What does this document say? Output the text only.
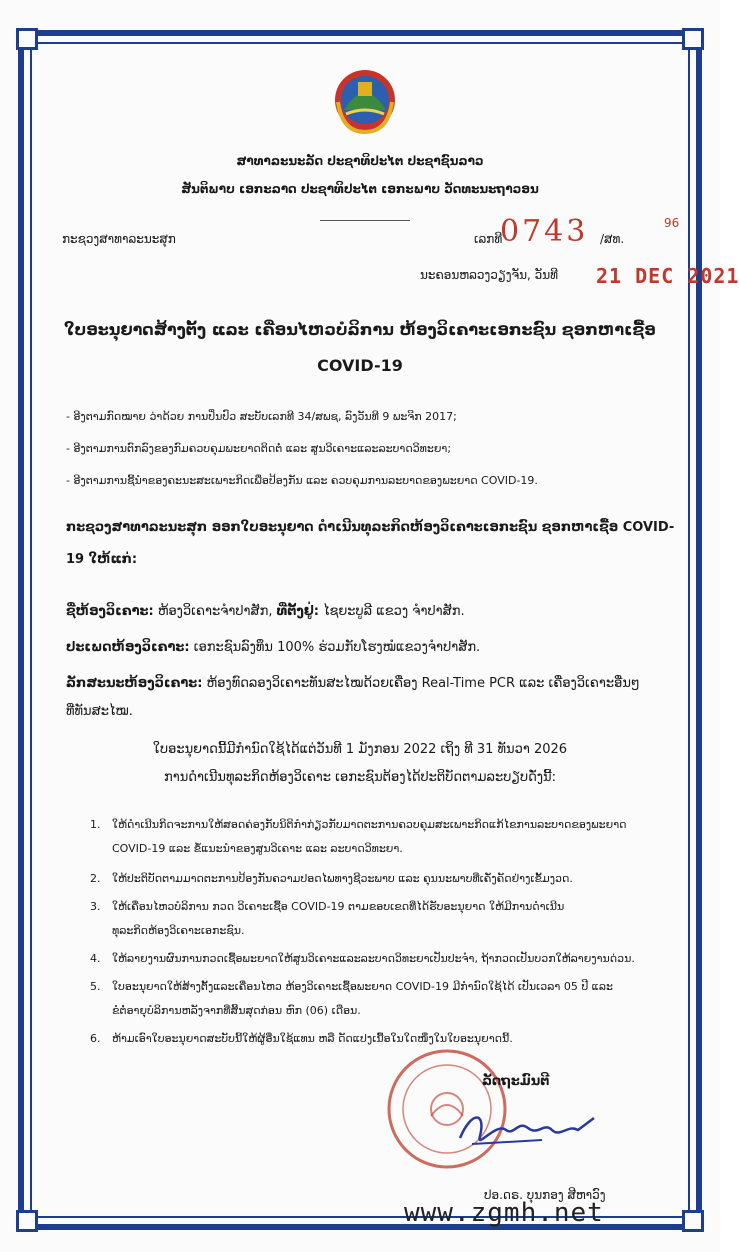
ສາທາລະນະລັດ ປະຊາທິປະໄຕ ປະຊາຊົນລາວ
ສັນຕິພາບ ເອກະລາດ ປະຊາທິປະໄຕ ເອກະພາບ ວັດທະນະຖາວອນ
ກະຊວງສາທາລະນະສຸກ	ເລກທີ
0743 /ສທ.
96
ນະຄອນຫລວງວຽງຈັນ, ວັນທີ 21 DEC 2021
ໃບອະນຸຍາດສ້າງຕັ້ງ ແລະ ເຄື່ອນໄຫວບໍລິການ ຫ້ອງວິເຄາະເອກະຊົນ ຊອກຫາເຊື້ອ
COVID-19
- ອີງຕາມກົດໝາຍ ວ່າດ້ວຍ ການປິ່ນປົວ ສະບັບເລກທີ 34/ສພຊ, ລົງວັນທີ 9 ພະຈິກ 2017;
- ອີງຕາມການຕົກລົງຂອງກົມຄວບຄຸມພະຍາດຕິດຕໍ່ ແລະ ສູນວິເຄາະແລະລະບາດວິທະຍາ;
- ອີງຕາມການຊີ້ນໍາຂອງຄະນະສະເພາະກິດເພື່ອປ້ອງກັນ ແລະ ຄວບຄຸມການລະບາດຂອງພະຍາດ COVID-19.
ກະຊວງສາທາລະນະສຸກ ອອກໃບອະນຸຍາດ ດໍາເນີນທຸລະກິດຫ້ອງວິເຄາະເອກະຊົນ ຊອກຫາເຊື້ອ COVID-
19 ໃຫ້ແກ່:
ຊື່ຫ້ອງວິເຄາະ: ຫ້ອງວິເຄາະຈໍາປາສັກ, ທີ່ຕັ້ງຢູ່: ໄຊຍະບູລີ ແຂວງ ຈໍາປາສັກ.
ປະເພດຫ້ອງວິເຄາະ: ເອກະຊົນລົງທຶນ 100% ຮ່ວມກັບໂຮງໝໍແຂວງຈໍາປາສັກ.
ລັກສະນະຫ້ອງວິເຄາະ: ຫ້ອງທົດລອງວິເຄາະທັນສະໄໝດ້ວຍເຄື່ອງ Real-Time PCR ແລະ ເຄື່ອງວິເຄາະອື່ນໆ
ທີ່ທັນສະໄໝ.
ໃບອະນຸຍາດນີ້ມີກໍານົດໃຊ້ໄດ້ແຕ່ວັນທີ 1 ມັງກອນ 2022 ເຖິງ ທີ 31 ທັນວາ 2026
ການດໍາເນີນທຸລະກິດຫ້ອງວິເຄາະ ເອກະຊົນຕ້ອງໄດ້ປະຕິບັດຕາມລະບຽບດັ່ງນີ້:
1. ໃຫ້ດໍາເນີນກິດຈະການໃຫ້ສອດຄ່ອງກັບນິຕິກໍາກ່ຽວກັບມາດຕະການຄວບຄຸມສະເພາະກິດແກ້ໄຂການລະບາດຂອງພະຍາດ
COVID-19 ແລະ ຂໍ້ແນະນໍາຂອງສູນວິເຄາະ ແລະ ລະບາດວິທະຍາ.
2. ໃຫ້ປະຕິບັດຕາມມາດຕະການປ້ອງກັນຄວາມປອດໄພທາງຊີວະພາບ ແລະ ຄຸນນະພາບທີ່ເຄັ່ງຄັດຢ່າງເຂັ້ມງວດ.
3. ໃຫ້ເຄື່ອນໄຫວບໍລິການ ກວດ ວິເຄາະເຊື້ອ COVID-19 ຕາມຂອບເຂດທີ່ໄດ້ຮັບອະນຸຍາດ ໃຫ້ມີການດໍາເນີນ
ທຸລະກິດຫ້ອງວິເຄາະເອກະຊົນ.
4. ໃຫ້ລາຍງານຜົນການກວດເຊື້ອພະຍາດໃຫ້ສູນວິເຄາະແລະລະບາດວິທະຍາເປັນປະຈໍາ, ຖ້າກວດເປັນບວກໃຫ້ລາຍງານດ່ວນ.
5. ໃບອະນຸຍາດໃຫ້ສ້າງຕັ້ງແລະເຄື່ອນໄຫວ ຫ້ອງວິເຄາະເຊື້ອພະຍາດ COVID-19 ມີກໍານົດໃຊ້ໄດ້ ເປັນເວລາ 05 ປີ ແລະ
ຂໍຕໍ່ອາຍຸບໍລິການຫລັງຈາກທີ່ສິ້ນສຸດກ່ອນ ຫົກ (06) ເດືອນ.
6. ຫ້າມເອົາໃບອະນຸຍາດສະບັບນີ້ໃຫ້ຜູ້ອື່ນໃຊ້ແທນ ຫລື ດັດແປງເນື້ອໃນໃດໜຶ່ງໃນໃບອະນຸຍາດນີ້.
ລັດຖະມົນຕີ
ປອ.ດຣ. ບຸນກອງ ສີຫາວົງ
www.zgmh.net
